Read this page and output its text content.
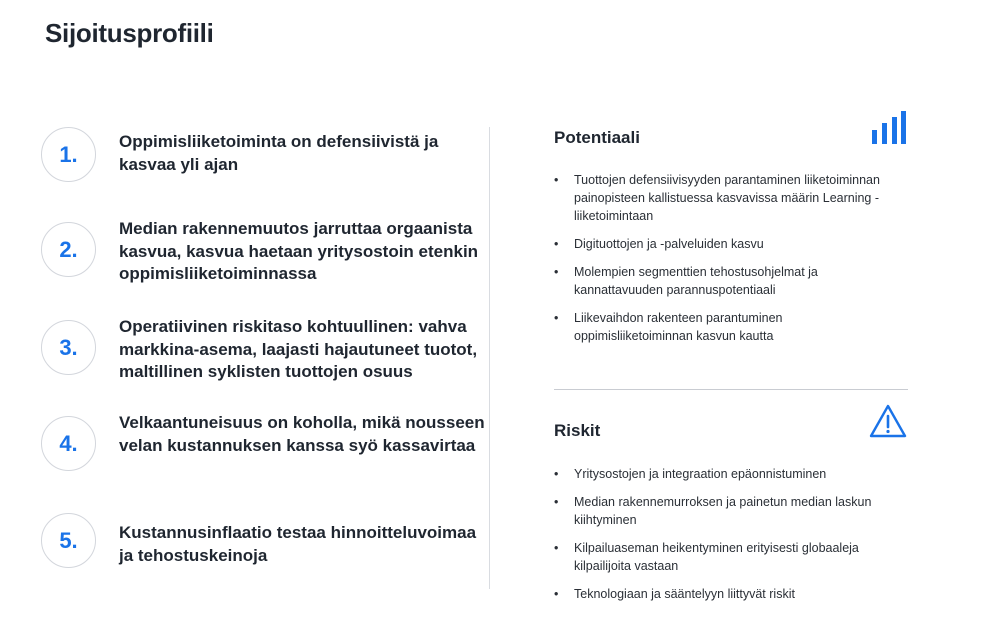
Sijoitusprofiili
1.	Oppimisliiketoiminta on defensiivistä ja kasvaa yli ajan

2.

Median rakennemuutos jarruttaa orgaanista kasvua, kasvua haetaan yritysostoin etenkin oppimisliiketoiminnassa

3.

Operatiivinen riskitaso kohtuullinen: vahva markkina-asema, laajasti hajautuneet tuotot, maltillinen syklisten tuottojen osuus

4.

Velkaantuneisuus on koholla, mikä nousseen velan kustannuksen kanssa syö kassavirtaa

5.	Kustannusinflaatio testaa hinnoitteluvoimaa ja tehostuskeinoja

Potentiaali
• Tuottojen defensiivisyyden parantaminen liiketoiminnan painopisteen kallistuessa kasvavissa määrin Learning -liiketoimintaan
• Digituottojen ja -palveluiden kasvu
• Molempien segmenttien tehostusohjelmat ja kannattavuuden parannuspotentiaali
• Liikevaihdon rakenteen parantuminen oppimisliiketoiminnan kasvun kautta
Riskit
• Yritysostojen ja integraation epäonnistuminen
• Median rakennemurroksen ja painetun median laskun kiihtyminen
• Kilpailuaseman heikentyminen erityisesti globaaleja kilpailijoita vastaan
• Teknologiaan ja sääntelyyn liittyvät riskit
